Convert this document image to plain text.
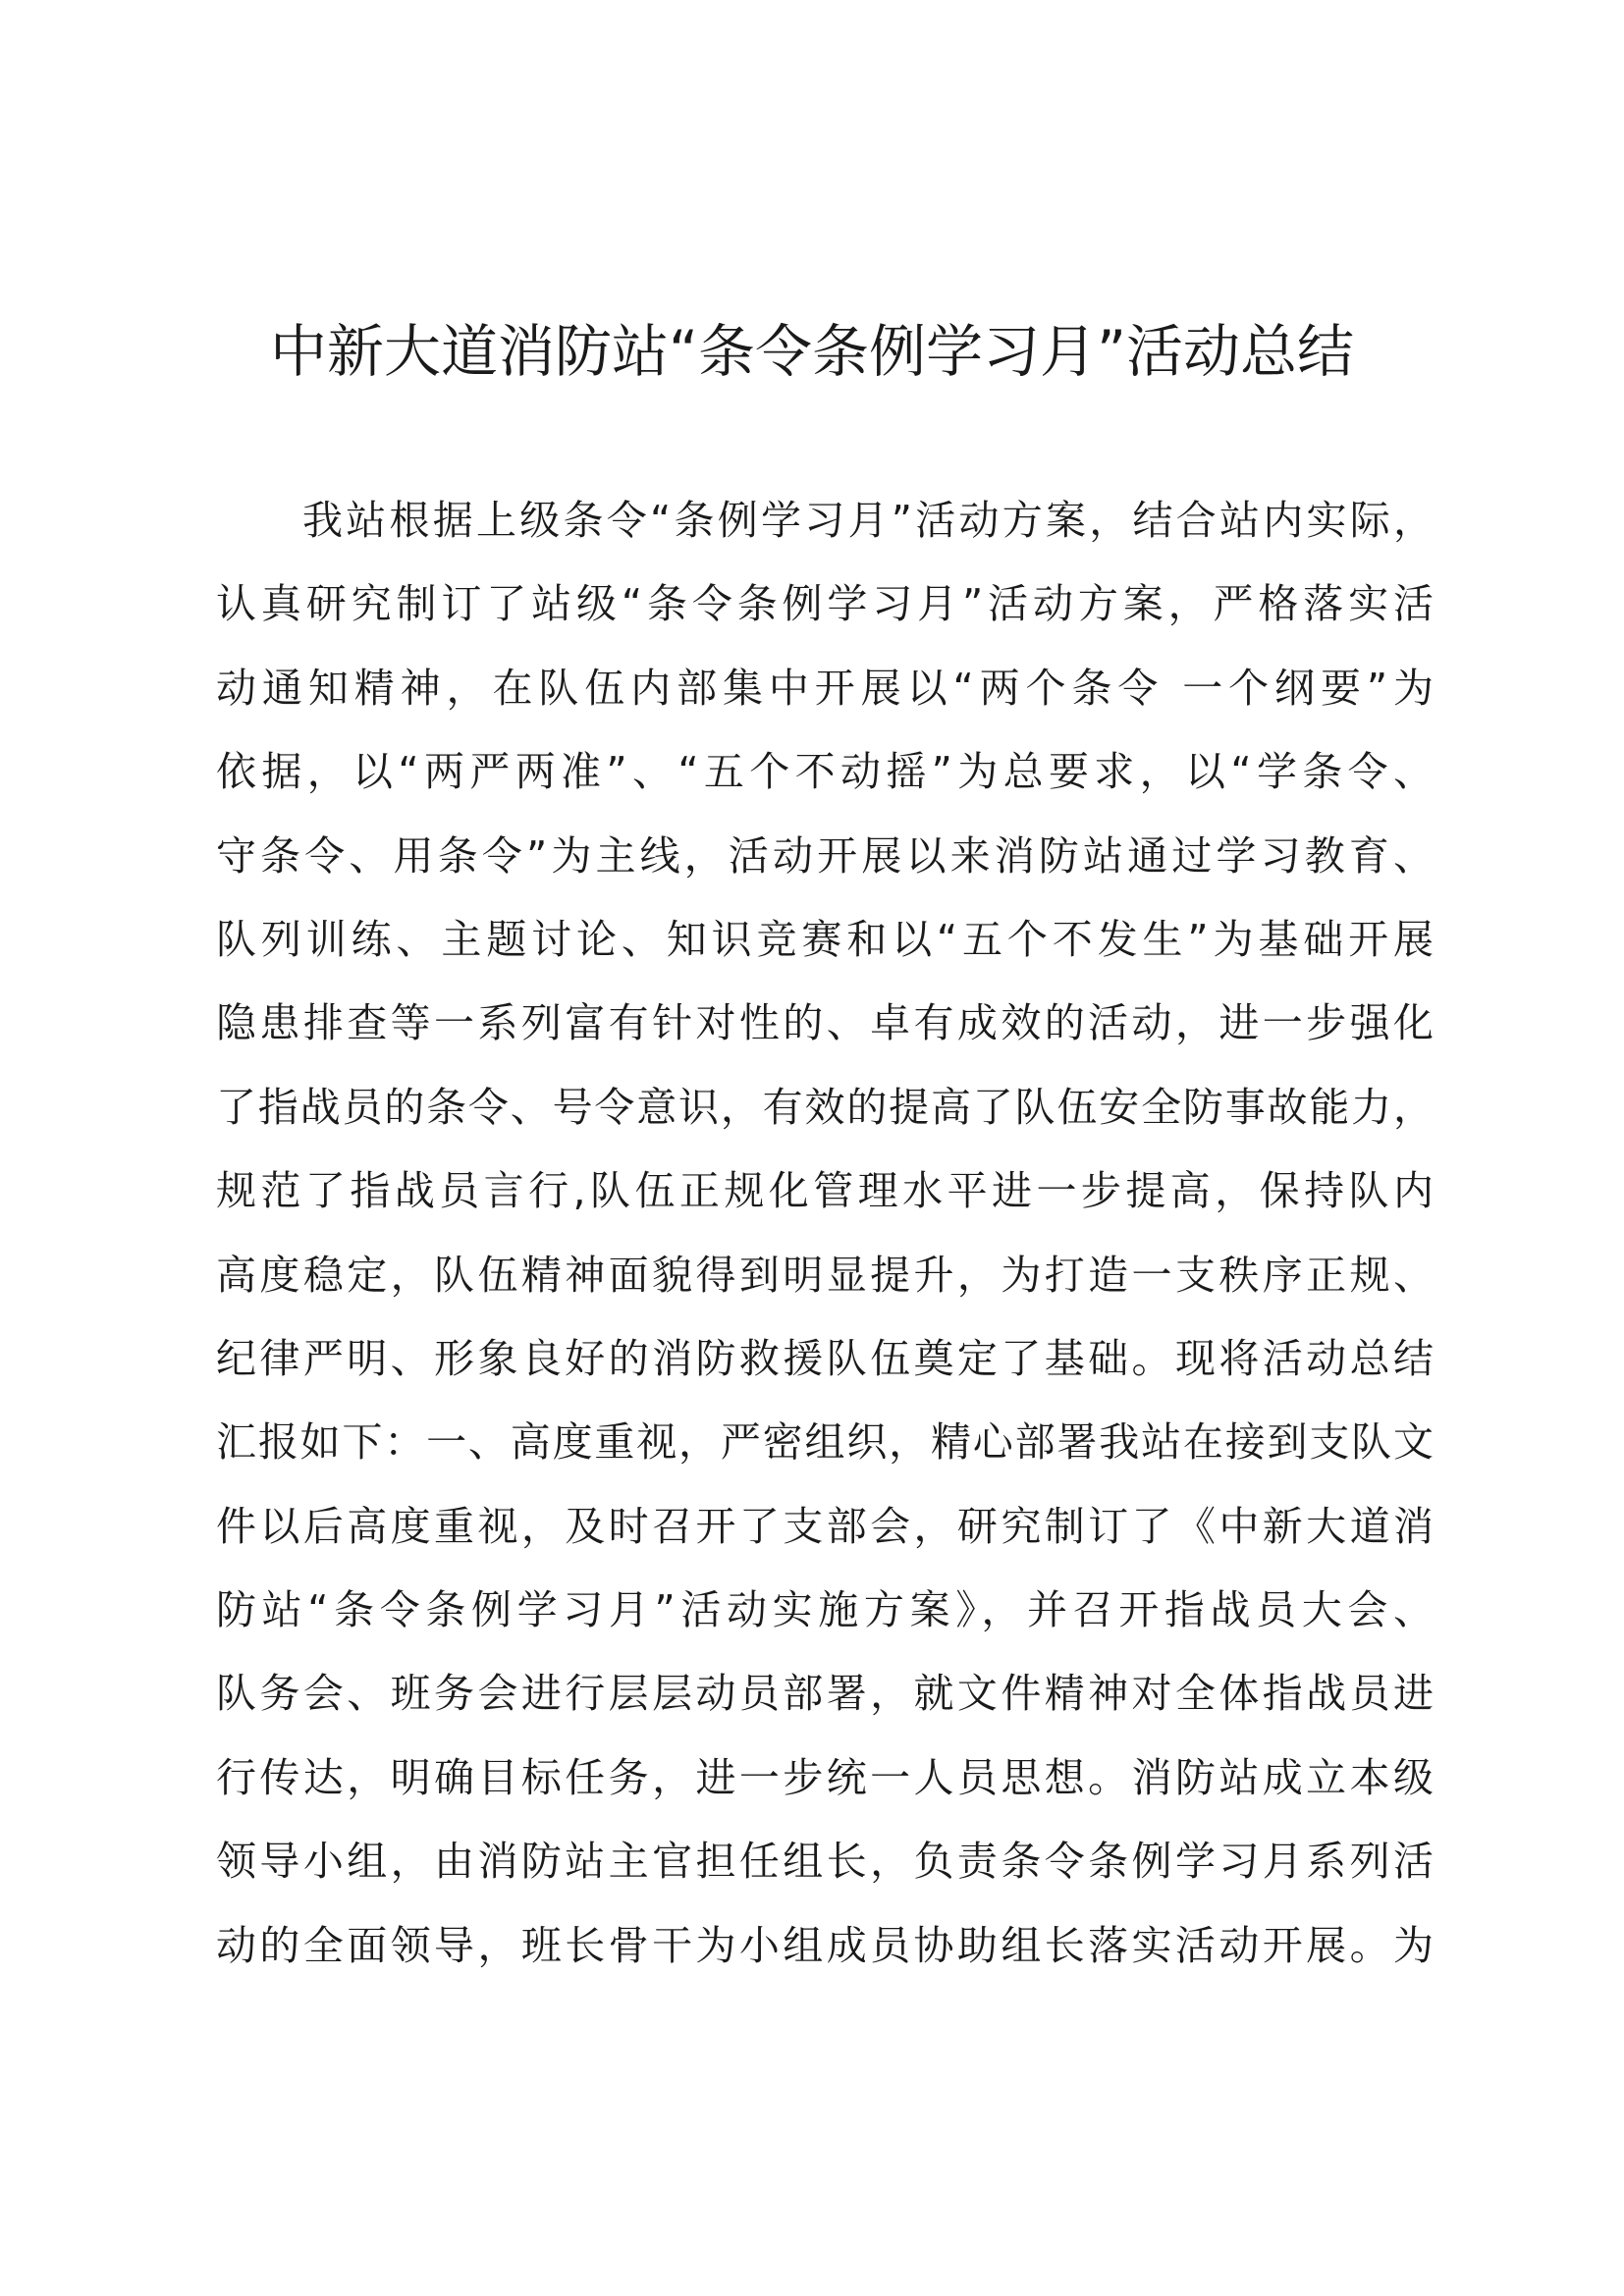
中新大道消防站“条令条例学习月”活动总结
我站根据上级条令“条例学习月”活动方案，结合站内实际，
认真研究制订了站级“条令条例学习月”活动方案，严格落实活
动通知精神，在队伍内部集中开展以“两个条令 一个纲要”为
依据，以“两严两准”、“五个不动摇”为总要求，以“学条令、
守条令、用条令”为主线，活动开展以来消防站通过学习教育、
队列训练、主题讨论、知识竞赛和以“五个不发生”为基础开展
隐患排查等一系列富有针对性的、卓有成效的活动，进一步强化
了指战员的条令、号令意识，有效的提高了队伍安全防事故能力，
规范了指战员言行,队伍正规化管理水平进一步提高，保持队内
高度稳定，队伍精神面貌得到明显提升，为打造一支秩序正规、
纪律严明、形象良好的消防救援队伍奠定了基础。现将活动总结
汇报如下：一、高度重视，严密组织，精心部署我站在接到支队文
件以后高度重视，及时召开了支部会，研究制订了《中新大道消
防站“条令条例学习月”活动实施方案》，并召开指战员大会、
队务会、班务会进行层层动员部署，就文件精神对全体指战员进
行传达，明确目标任务，进一步统一人员思想。消防站成立本级
领导小组，由消防站主官担任组长，负责条令条例学习月系列活
动的全面领导，班长骨干为小组成员协助组长落实活动开展。为
